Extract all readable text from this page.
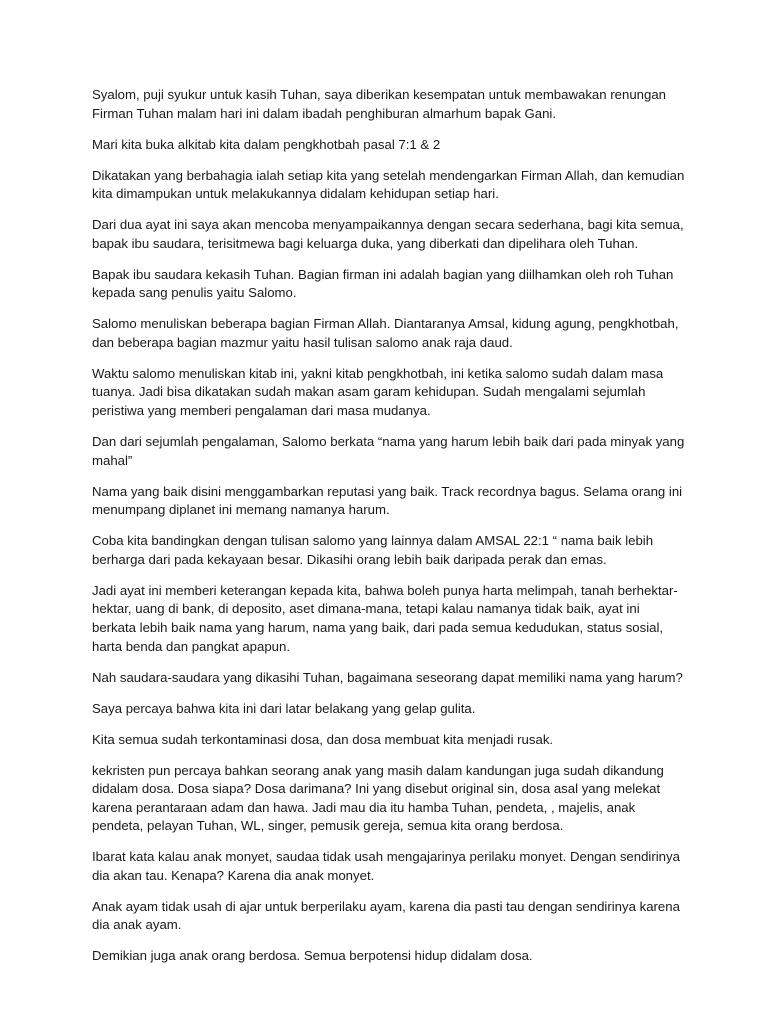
Syalom, puji syukur untuk kasih Tuhan, saya diberikan kesempatan untuk membawakan renungan
Firman Tuhan malam hari ini dalam ibadah penghiburan almarhum bapak Gani.

Mari kita buka alkitab kita dalam pengkhotbah pasal 7:1 & 2

Dikatakan yang berbahagia ialah setiap kita yang setelah mendengarkan Firman Allah, dan kemudian
kita dimampukan untuk melakukannya didalam kehidupan setiap hari.

Dari dua ayat ini saya akan mencoba menyampaikannya dengan secara sederhana, bagi kita semua,
bapak ibu saudara, terisitmewa bagi keluarga duka, yang diberkati dan dipelihara oleh Tuhan.

Bapak ibu saudara kekasih Tuhan. Bagian firman ini adalah bagian yang diilhamkan oleh roh Tuhan
kepada sang penulis yaitu Salomo.

Salomo menuliskan beberapa bagian Firman Allah. Diantaranya Amsal, kidung agung, pengkhotbah,
dan beberapa bagian mazmur yaitu hasil tulisan salomo anak raja daud.

Waktu salomo menuliskan kitab ini, yakni kitab pengkhotbah, ini ketika salomo sudah dalam masa
tuanya. Jadi bisa dikatakan sudah makan asam garam kehidupan. Sudah mengalami sejumlah
peristiwa yang memberi pengalaman dari masa mudanya.

Dan dari sejumlah pengalaman, Salomo berkata “nama yang harum lebih baik dari pada minyak yang
mahal”

Nama yang baik disini menggambarkan reputasi yang baik. Track recordnya bagus. Selama orang ini
menumpang diplanet ini memang namanya harum.

Coba kita bandingkan dengan tulisan salomo yang lainnya dalam AMSAL 22:1 “ nama baik lebih
berharga dari pada kekayaan besar. Dikasihi orang lebih baik daripada perak dan emas.

Jadi ayat ini memberi keterangan kepada kita, bahwa boleh punya harta melimpah, tanah berhektar-
hektar, uang di bank, di deposito, aset dimana-mana, tetapi kalau namanya tidak baik, ayat ini
berkata lebih baik nama yang harum, nama yang baik, dari pada semua kedudukan, status sosial,
harta benda dan pangkat apapun.

Nah saudara-saudara yang dikasihi Tuhan, bagaimana seseorang dapat memiliki nama yang harum?

Saya percaya bahwa kita ini dari latar belakang yang gelap gulita.

Kita semua sudah terkontaminasi dosa, dan dosa membuat kita menjadi rusak.

kekristen pun percaya bahkan seorang anak yang masih dalam kandungan juga sudah dikandung
didalam dosa. Dosa siapa? Dosa darimana? Ini yang disebut original sin, dosa asal yang melekat
karena perantaraan adam dan hawa. Jadi mau dia itu hamba Tuhan, pendeta, , majelis, anak
pendeta, pelayan Tuhan, WL, singer, pemusik gereja, semua kita orang berdosa.

Ibarat kata kalau anak monyet, saudaa tidak usah mengajarinya perilaku monyet. Dengan sendirinya
dia akan tau. Kenapa? Karena dia anak monyet.

Anak ayam tidak usah di ajar untuk berperilaku ayam, karena dia pasti tau dengan sendirinya karena
dia anak ayam.

Demikian juga anak orang berdosa. Semua berpotensi hidup didalam dosa.
